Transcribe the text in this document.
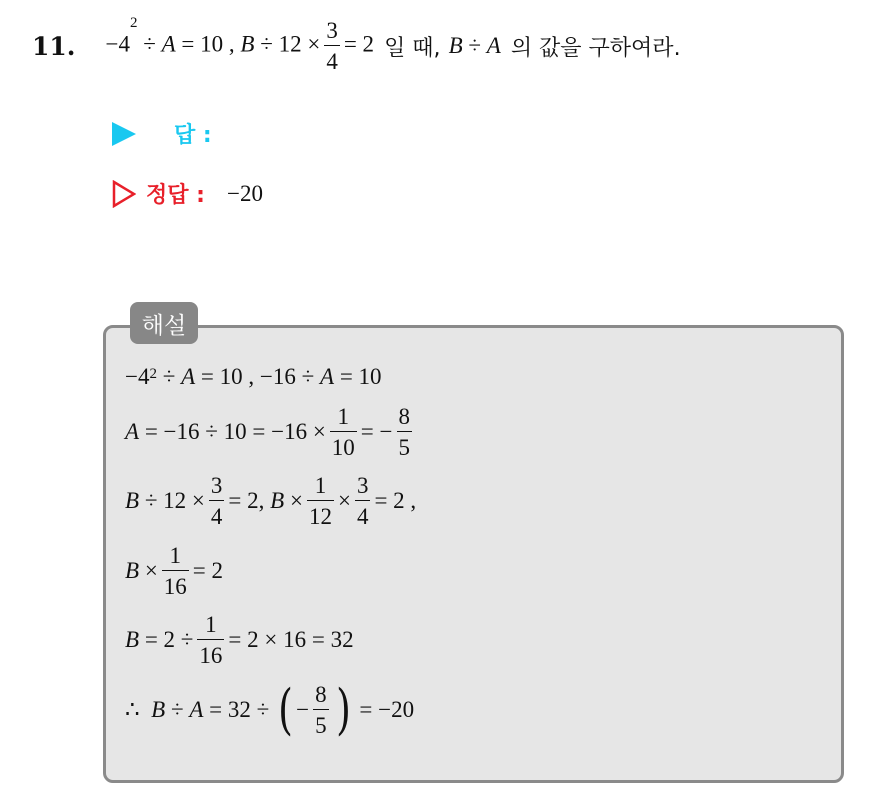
11. $-4^2 \div A = 10$ , $B \div 12 \times \frac{3}{4} = 2$ 일 때, B ÷ A 의 값을 구하여라.
답 :
정답 : −20
해설
$-4^2$
÷
A
= 10 , −16 ÷
A
= 10
A
= $-16 \div 10 = -16 \times \frac{1}{10}$ = − $\frac{8}{5}$
B
÷ $12 \times \frac{3}{4} = 2$,
B
× $\frac{1}{12} \times \frac{3}{4} = 2$ ,
B
× $\frac{1}{16} = 2$
B
= $2 \div \frac{1}{16} = 2 \times 16 = 32$
∴
B
÷
A
= 32 ÷
( − $\frac{8}{5}$ )
= −20
